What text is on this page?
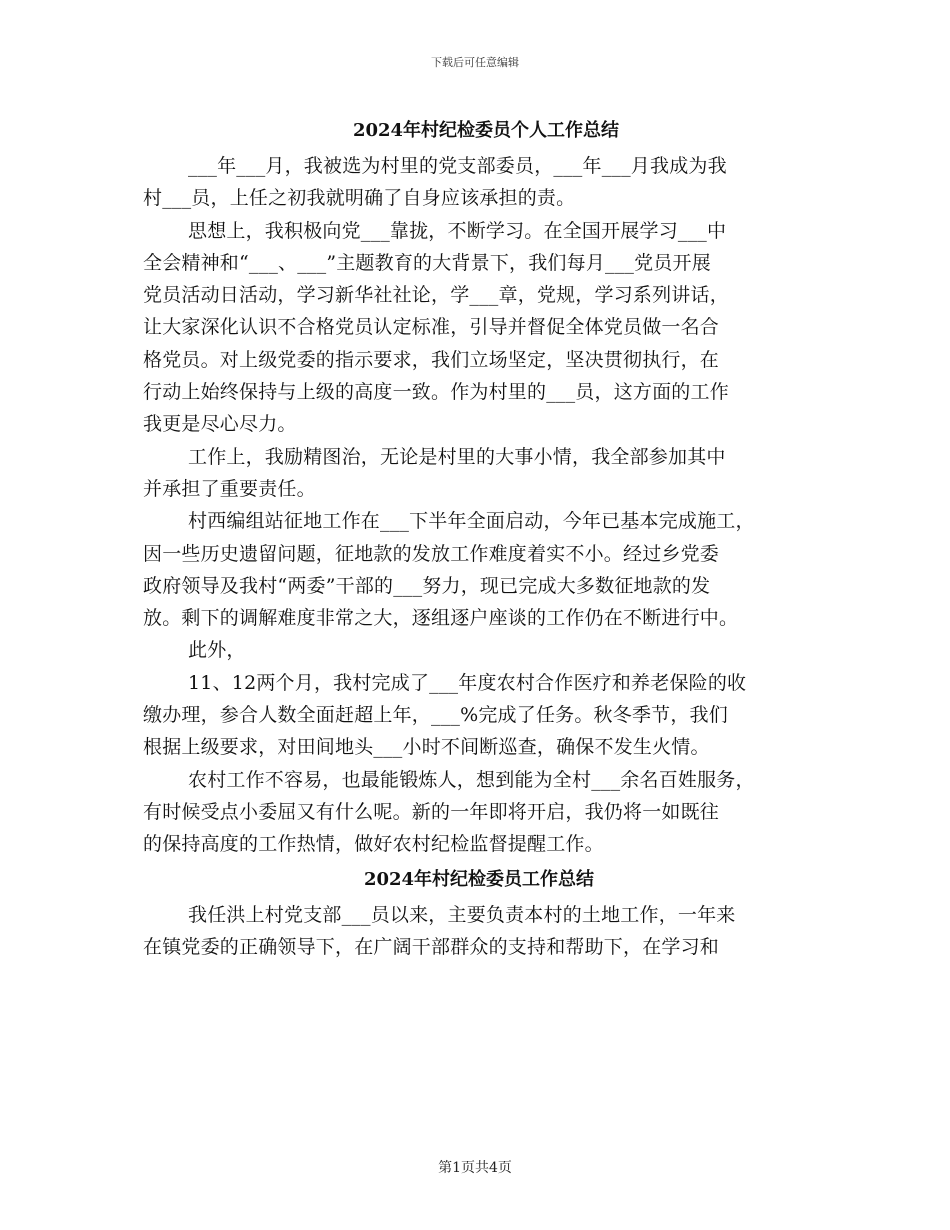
下载后可任意编辑
2024年村纪检委员个人工作总结
___年___月，我被选为村里的党支部委员，___年___月我成为我
村___员，上任之初我就明确了自身应该承担的责。
思想上，我积极向党___靠拢，不断学习。在全国开展学习___中
全会精神和“___、___”主题教育的大背景下，我们每月___党员开展
党员活动日活动，学习新华社社论，学___章，党规，学习系列讲话，
让大家深化认识不合格党员认定标准，引导并督促全体党员做一名合
格党员。对上级党委的指示要求，我们立场坚定，坚决贯彻执行，在
行动上始终保持与上级的高度一致。作为村里的___员，这方面的工作
我更是尽心尽力。
工作上，我励精图治，无论是村里的大事小情，我全部参加其中
并承担了重要责任。
村西编组站征地工作在___下半年全面启动，今年已基本完成施工，
因一些历史遗留问题，征地款的发放工作难度着实不小。经过乡党委
政府领导及我村“两委”干部的___努力，现已完成大多数征地款的发
放。剩下的调解难度非常之大，逐组逐户座谈的工作仍在不断进行中。
此外，
11、12两个月，我村完成了___年度农村合作医疗和养老保险的收
缴办理，参合人数全面赶超上年，___%完成了任务。秋冬季节，我们
根据上级要求，对田间地头___小时不间断巡查，确保不发生火情。
农村工作不容易，也最能锻炼人，想到能为全村___余名百姓服务，
有时候受点小委屈又有什么呢。新的一年即将开启，我仍将一如既往
的保持高度的工作热情，做好农村纪检监督提醒工作。
2024年村纪检委员工作总结
我任洪上村党支部___员以来，主要负责本村的土地工作，一年来
在镇党委的正确领导下，在广阔干部群众的支持和帮助下，在学习和
第1页共4页
